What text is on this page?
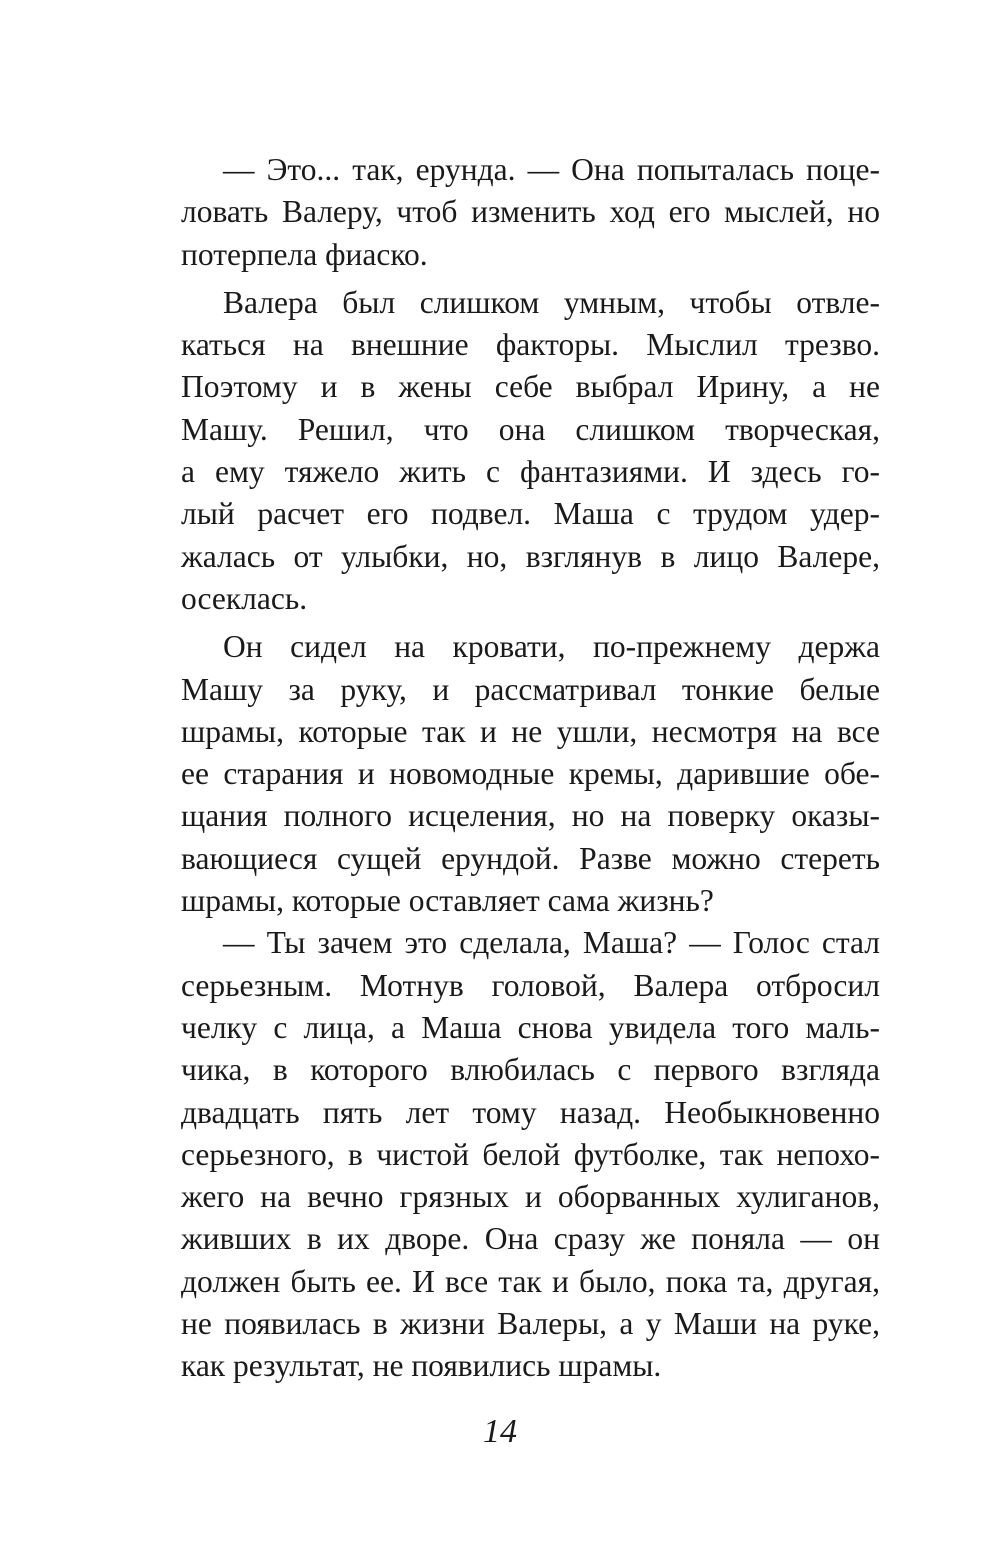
— Это... так, ерунда. — Она попыталась поце-
ловать Валеру, чтоб изменить ход его мыслей, но
потерпела фиаско.
Валера был слишком умным, чтобы отвле-
каться на внешние факторы. Мыслил трезво.
Поэтому и в жены себе выбрал Ирину, а не
Машу. Решил, что она слишком творческая,
а ему тяжело жить с фантазиями. И здесь го-
лый расчет его подвел. Маша с трудом удер-
жалась от улыбки, но, взглянув в лицо Валере,
осеклась.
Он сидел на кровати, по-прежнему держа
Машу за руку, и рассматривал тонкие белые
шрамы, которые так и не ушли, несмотря на все
ее старания и новомодные кремы, дарившие обе-
щания полного исцеления, но на поверку оказы-
вающиеся сущей ерундой. Разве можно стереть
шрамы, которые оставляет сама жизнь?
— Ты зачем это сделала, Маша? — Голос стал
серьезным. Мотнув головой, Валера отбросил
челку с лица, а Маша снова увидела того маль-
чика, в которого влюбилась с первого взгляда
двадцать пять лет тому назад. Необыкновенно
серьезного, в чистой белой футболке, так непохо-
жего на вечно грязных и оборванных хулиганов,
живших в их дворе. Она сразу же поняла — он
должен быть ее. И все так и было, пока та, другая,
не появилась в жизни Валеры, а у Маши на руке,
как результат, не появились шрамы.
14
